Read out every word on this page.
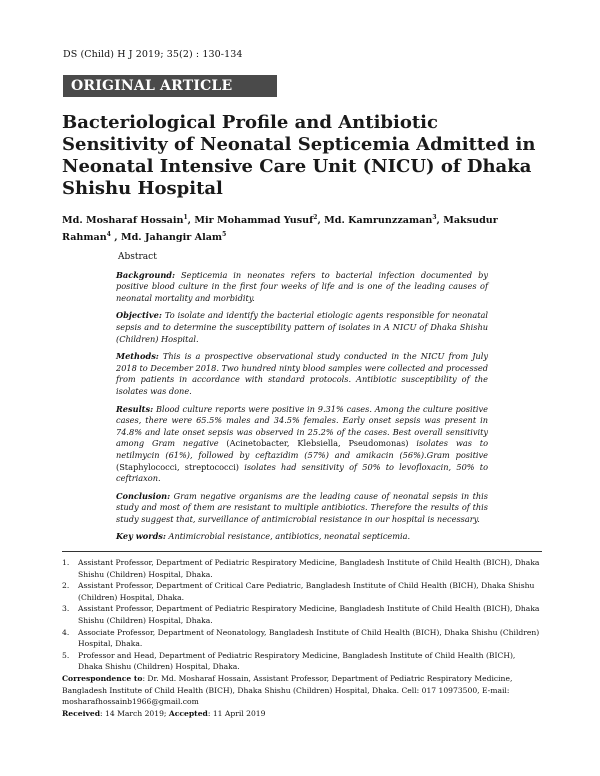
DS (Child) H J 2019; 35(2) : 130-134
ORIGINAL ARTICLE
Bacteriological Profile and Antibiotic Sensitivity of Neonatal Septicemia Admitted in Neonatal Intensive Care Unit (NICU) of Dhaka Shishu Hospital
Md. Mosharaf Hossain$^1$, Mir Mohammad Yusuf$^2$, Md. Kamrunzzaman$^3$, Maksudur Rahman$^4$ , Md. Jahangir Alam$^5$
Abstract

Background: Septicemia in neonates refers to bacterial infection documented by positive blood culture in the first four weeks of life and is one of the leading causes of neonatal mortality and morbidity.

Objective: To isolate and identify the bacterial etiologic agents responsible for neonatal sepsis and to determine the susceptibility pattern of isolates in A NICU of Dhaka Shishu (Children) Hospital.

Methods: This is a prospective observational study conducted in the NICU from July 2018 to December 2018. Two hundred ninty blood samples were collected and processed from patients in accordance with standard protocols. Antibiotic susceptibility of the isolates was done.

Results: Blood culture reports were positive in 9.31% cases. Among the culture positive cases, there were 65.5% males and 34.5% females. Early onset sepsis was present in 74.8% and late onset sepsis was observed in 25.2% of the cases. Best overall sensitivity among Gram negative (Acinetobacter, Klebsiella, Pseudomonas) isolates was to netilmycin (61%), followed by ceftazidim (57%) and amikacin (56%).Gram positive (Staphylococci, streptococci) isolates had sensitivity of 50% to levofloxacin, 50% to ceftriaxon.

Conclusion: Gram negative organisms are the leading cause of neonatal sepsis in this study and most of them are resistant to multiple antibiotics. Therefore the results of this study suggest that, surveillance of antimicrobial resistance in our hospital is necessary.

Key words: Antimicrobial resistance, antibiotics, neonatal septicemia.

1.	Assistant Professor, Department of Pediatric Respiratory Medicine, Bangladesh Institute of Child Health (BICH), Dhaka Shishu (Children) Hospital, Dhaka.
2.	Assistant Professor, Department of Critical Care Pediatric, Bangladesh Institute of Child Health (BICH), Dhaka Shishu (Children) Hospital, Dhaka.
3.	Assistant Professor, Department of Pediatric Respiratory Medicine, Bangladesh Institute of Child Health (BICH), Dhaka Shishu (Children) Hospital, Dhaka.
4.	Associate Professor, Department of Neonatology, Bangladesh Institute of Child Health (BICH), Dhaka Shishu (Children) Hospital, Dhaka.
5.	Professor and Head, Department of Pediatric Respiratory Medicine, Bangladesh Institute of Child Health (BICH), Dhaka Shishu (Children) Hospital, Dhaka.
Correspondence to: Dr. Md. Mosharaf Hossain, Assistant Professor, Department of Pediatric Respiratory Medicine, Bangladesh Institute of Child Health (BICH), Dhaka Shishu (Children) Hospital, Dhaka. Cell: 017 10973500, E-mail: mosharafhossainb1966@gmail.com
Received: 14 March 2019; Accepted: 11 April 2019
